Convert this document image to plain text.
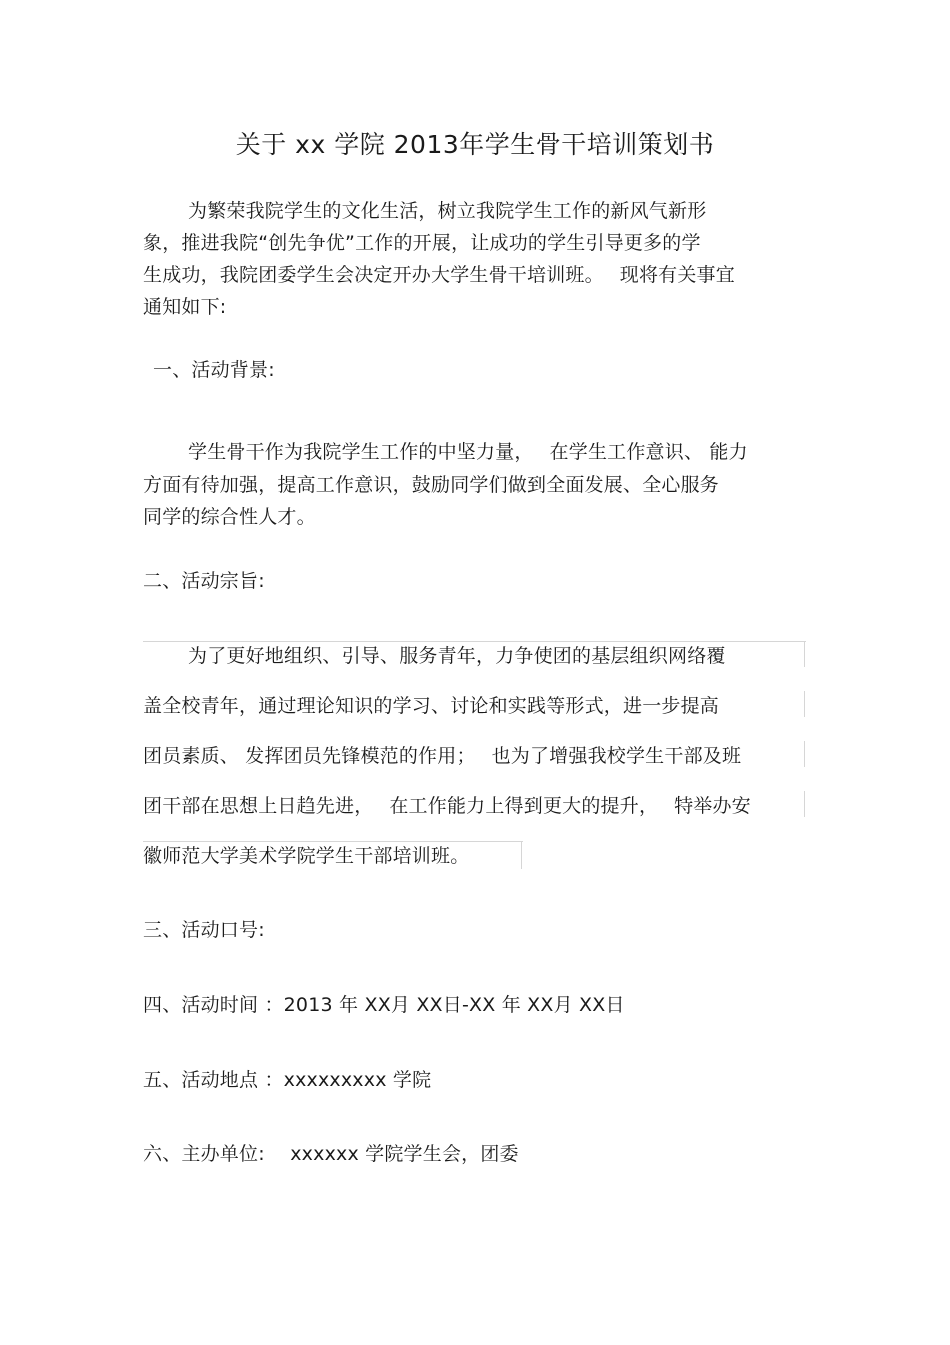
关于 xx 学院 2013年学生骨干培训策划书
为繁荣我院学生的文化生活，树立我院学生工作的新风气新形
象，推进我院“创先争优”工作的开展，让成功的学生引导更多的学
生成功，我院团委学生会决定开办大学生骨干培训班。　 现将有关事宜
通知如下:
一、活动背景:
学生骨干作为我院学生工作的中坚力量，　 在学生工作意识、 能力
方面有待加强，提高工作意识，鼓励同学们做到全面发展、全心服务
同学的综合性人才。
二、活动宗旨:
为了更好地组织、引导、服务青年，力争使团的基层组织网络覆
盖全校青年，通过理论知识的学习、讨论和实践等形式，进一步提高
团员素质、 发挥团员先锋模范的作用；　 也为了增强我校学生干部及班
团干部在思想上日趋先进，　 在工作能力上得到更大的提升，　 特举办安
徽师范大学美术学院学生干部培训班。
三、活动口号:
四、活动时间 ：2013 年 XX月 XX日-XX 年 XX月 XX日
五、活动地点 ：xxxxxxxxx 学院
六、主办单位:　 xxxxxx 学院学生会，团委
